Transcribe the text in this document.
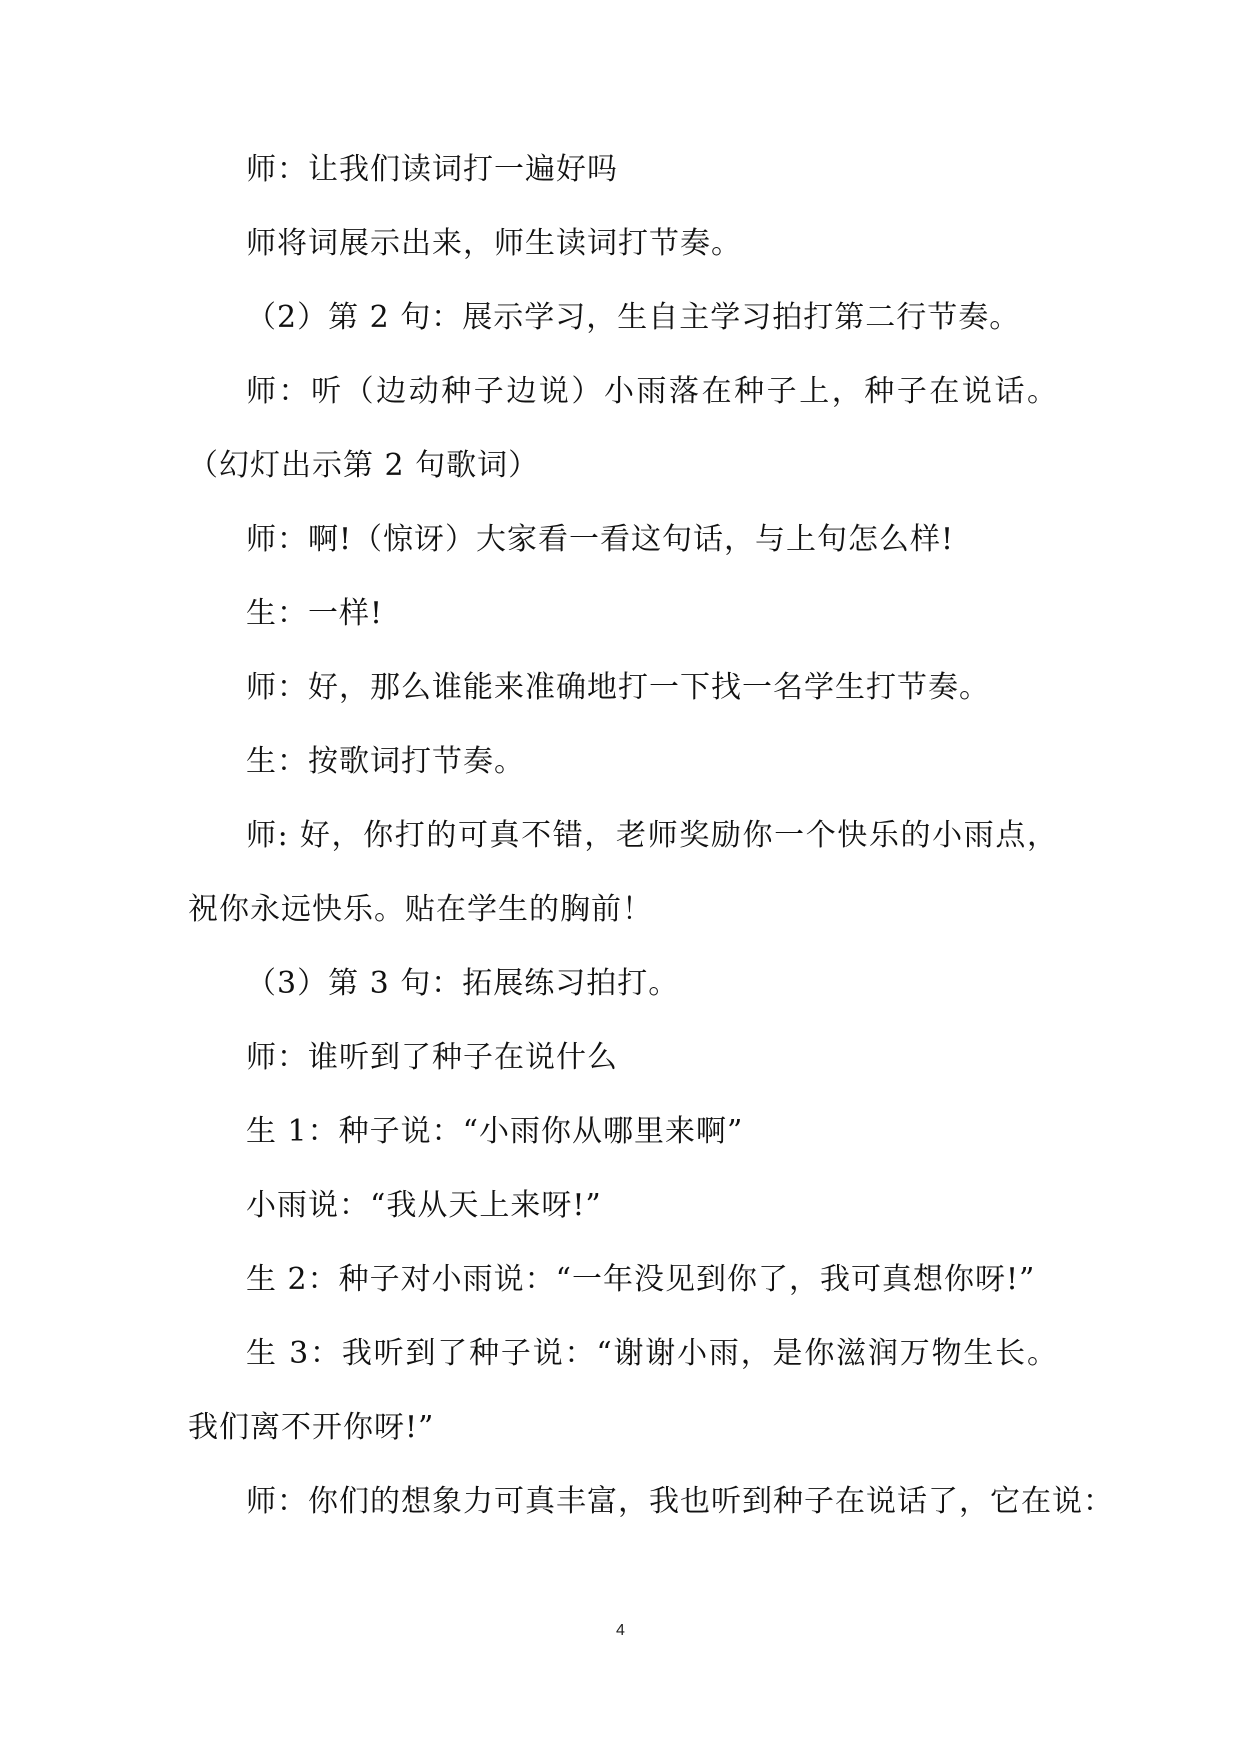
师：让我们读词打一遍好吗

师将词展示出来，师生读词打节奏。

（2）第 2 句：展示学习，生自主学习拍打第二行节奏。

师：听（边动种子边说）小雨落在种子上，种子在说话。（幻灯出示第 2 句歌词）

师：啊!（惊讶）大家看一看这句话，与上句怎么样!

生：一样!

师：好，那么谁能来准确地打一下找一名学生打节奏。

生：按歌词打节奏。

师: 好，你打的可真不错，老师奖励你一个快乐的小雨点，祝你永远快乐。贴在学生的胸前！

（3）第 3 句：拓展练习拍打。

师：谁听到了种子在说什么

生 1：种子说：“小雨你从哪里来啊”

小雨说：“我从天上来呀!”

生 2：种子对小雨说：“一年没见到你了，我可真想你呀!”

生 3：我听到了种子说：“谢谢小雨，是你滋润万物生长。我们离不开你呀!”

师：你们的想象力可真丰富，我也听到种子在说话了，它在说：

4
